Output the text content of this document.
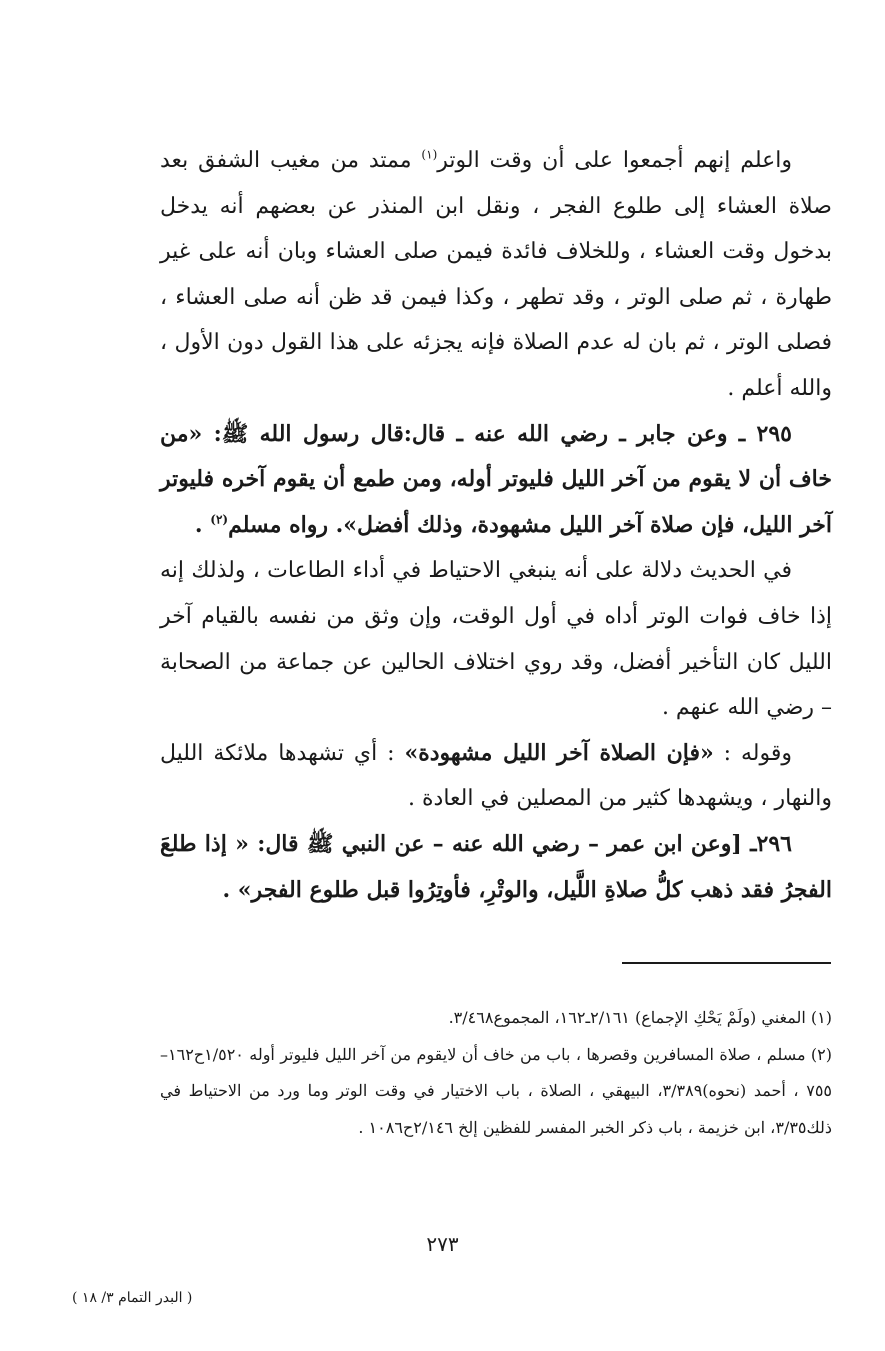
واعلم إنهم أجمعوا على أن وقت الوتر$^{(١)}$ ممتد من مغيب الشفق بعد صلاة العشاء إلى طلوع الفجر ، ونقل ابن المنذر عن بعضهم أنه يدخل بدخول وقت العشاء ، وللخلاف فائدة فيمن صلى العشاء وبان أنه على غير طهارة ، ثم صلى الوتر ، وقد تطهر ، وكذا فيمن قد ظن أنه صلى العشاء ، فصلى الوتر ، ثم بان له عدم الصلاة فإنه يجزئه على هذا القول دون الأول ، والله أعلم .

٢٩٥ ـ وعن جابر ـ رضي الله عنه ـ قال:قال رسول الله ﷺ: «من خاف أن لا يقوم من آخر الليل فليوتر أوله، ومن طمع أن يقوم آخره فليوتر آخر الليل، فإن صلاة آخر الليل مشهودة، وذلك أفضل». رواه مسلم$^{(٢)}$ .

في الحديث دلالة على أنه ينبغي الاحتياط في أداء الطاعات ، ولذلك إنه إذا خاف فوات الوتر أداه في أول الوقت، وإن وثق من نفسه بالقيام آخر الليل كان التأخير أفضل، وقد روي اختلاف الحالين عن جماعة من الصحابة – رضي الله عنهم .

وقوله : «فإن الصلاة آخر الليل مشهودة» : أي تشهدها ملائكة الليل والنهار ، ويشهدها كثير من المصلين في العادة .

٢٩٦ـ [وعن ابن عمر – رضي الله عنه – عن النبي ﷺ قال: « إذا طلعَ الفجرُ فقد ذهب كلُّ صلاةِ اللَّيل، والوتْرِ، فأوتِرُوا قبل طلوع الفجر» .

(١) المغني (ولَمْ يَحْكِ الإجماع) ٢/١٦١ـ١٦٢، المجموع٣/٤٦٨.

(٢) مسلم ، صلاة المسافرين وقصرها ، باب من خاف أن لايقوم من آخر الليل فليوتر أوله ١/٥٢٠ح١٦٢– ٧٥٥ ، أحمد (نحوه)٣/٣٨٩، البيهقي ، الصلاة ، باب الاختيار في وقت الوتر وما ورد من الاحتياط في ذلك٣/٣٥، ابن خزيمة ، باب ذكر الخبر المفسر للفظين إلخ ٢/١٤٦ح١٠٨٦ .

٢٧٣
( البدر التمام ٣/ ١٨ )
